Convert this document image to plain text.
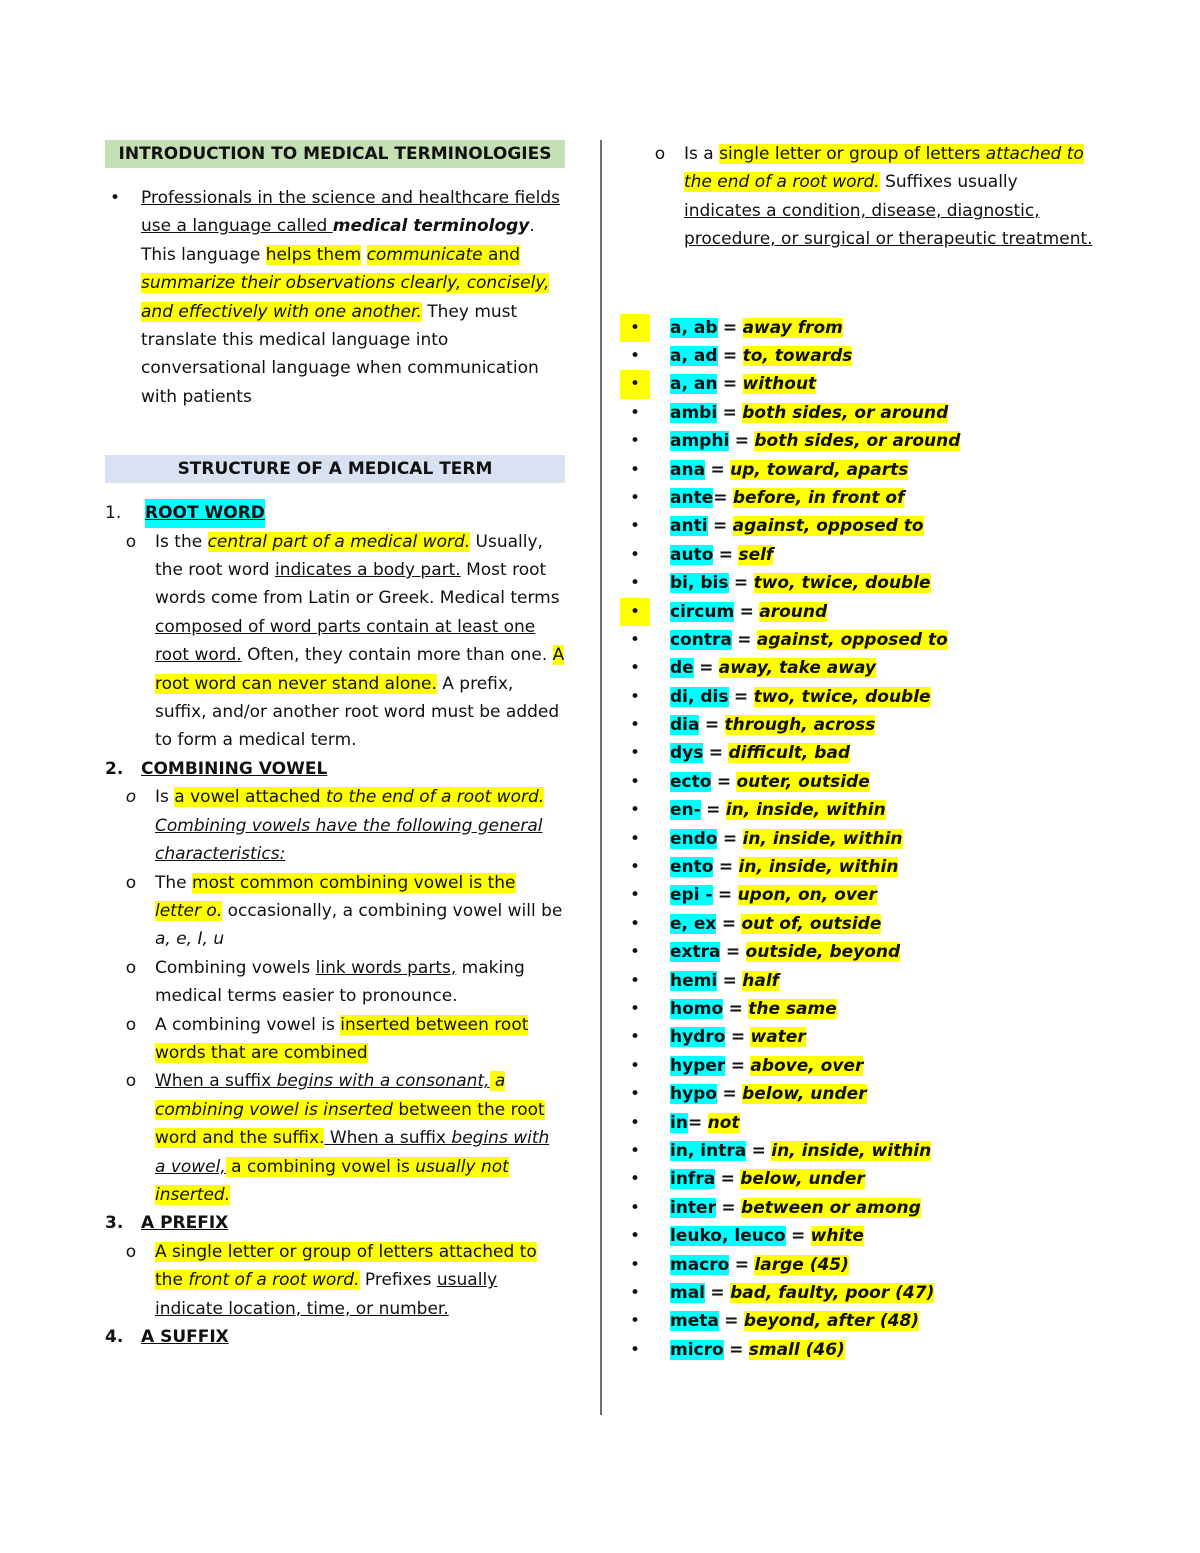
INTRODUCTION TO MEDICAL TERMINOLOGIES
• Professionals in the science and healthcare fields use a language called medical terminology. This language helps them communicate and summarize their observations clearly, concisely, and effectively with one another. They must translate this medical language into conversational language when communication with patients
STRUCTURE OF A MEDICAL TERM
1. ROOT WORD
o Is the central part of a medical word. Usually, the root word indicates a body part. Most root words come from Latin or Greek. Medical terms composed of word parts contain at least one root word. Often, they contain more than one. A root word can never stand alone. A prefix, suffix, and/or another root word must be added to form a medical term.
2. COMBINING VOWEL
o Is a vowel attached to the end of a root word. Combining vowels have the following general characteristics:
o The most common combining vowel is the letter o. occasionally, a combining vowel will be a, e, I, u
o Combining vowels link words parts, making medical terms easier to pronounce.
o A combining vowel is inserted between root words that are combined
o When a suffix begins with a consonant, a combining vowel is inserted between the root word and the suffix. When a suffix begins with a vowel, a combining vowel is usually not inserted.
3. A PREFIX
o A single letter or group of letters attached to the front of a root word. Prefixes usually indicate location, time, or number.
4. A SUFFIX
o Is a single letter or group of letters attached to the end of a root word. Suffixes usually indicates a condition, disease, diagnostic, procedure, or surgical or therapeutic treatment.
•	a, ab = away from
•	a, ad = to, towards
•	a, an = without
•	ambi = both sides, or around
•	amphi = both sides, or around
•	ana = up, toward, aparts
•	ante= before, in front of
•	anti = against, opposed to
•	auto = self
•	bi, bis = two, twice, double
•	circum = around
•	contra = against, opposed to
•	de = away, take away
•	di, dis = two, twice, double
•	dia = through, across
•	dys = difficult, bad
•	ecto = outer, outside
•	en- = in, inside, within
•	endo = in, inside, within
•	ento = in, inside, within
•	epi - = upon, on, over
•	e, ex = out of, outside
•	extra = outside, beyond
•	hemi = half
•	homo = the same
•	hydro = water
•	hyper = above, over
•	hypo = below, under
•	in= not
•	in, intra = in, inside, within
•	infra = below, under
•	inter = between or among
•	leuko, leuco = white
•	macro = large (45)
•	mal = bad, faulty, poor (47)
•	meta = beyond, after (48)
•	micro = small (46)
